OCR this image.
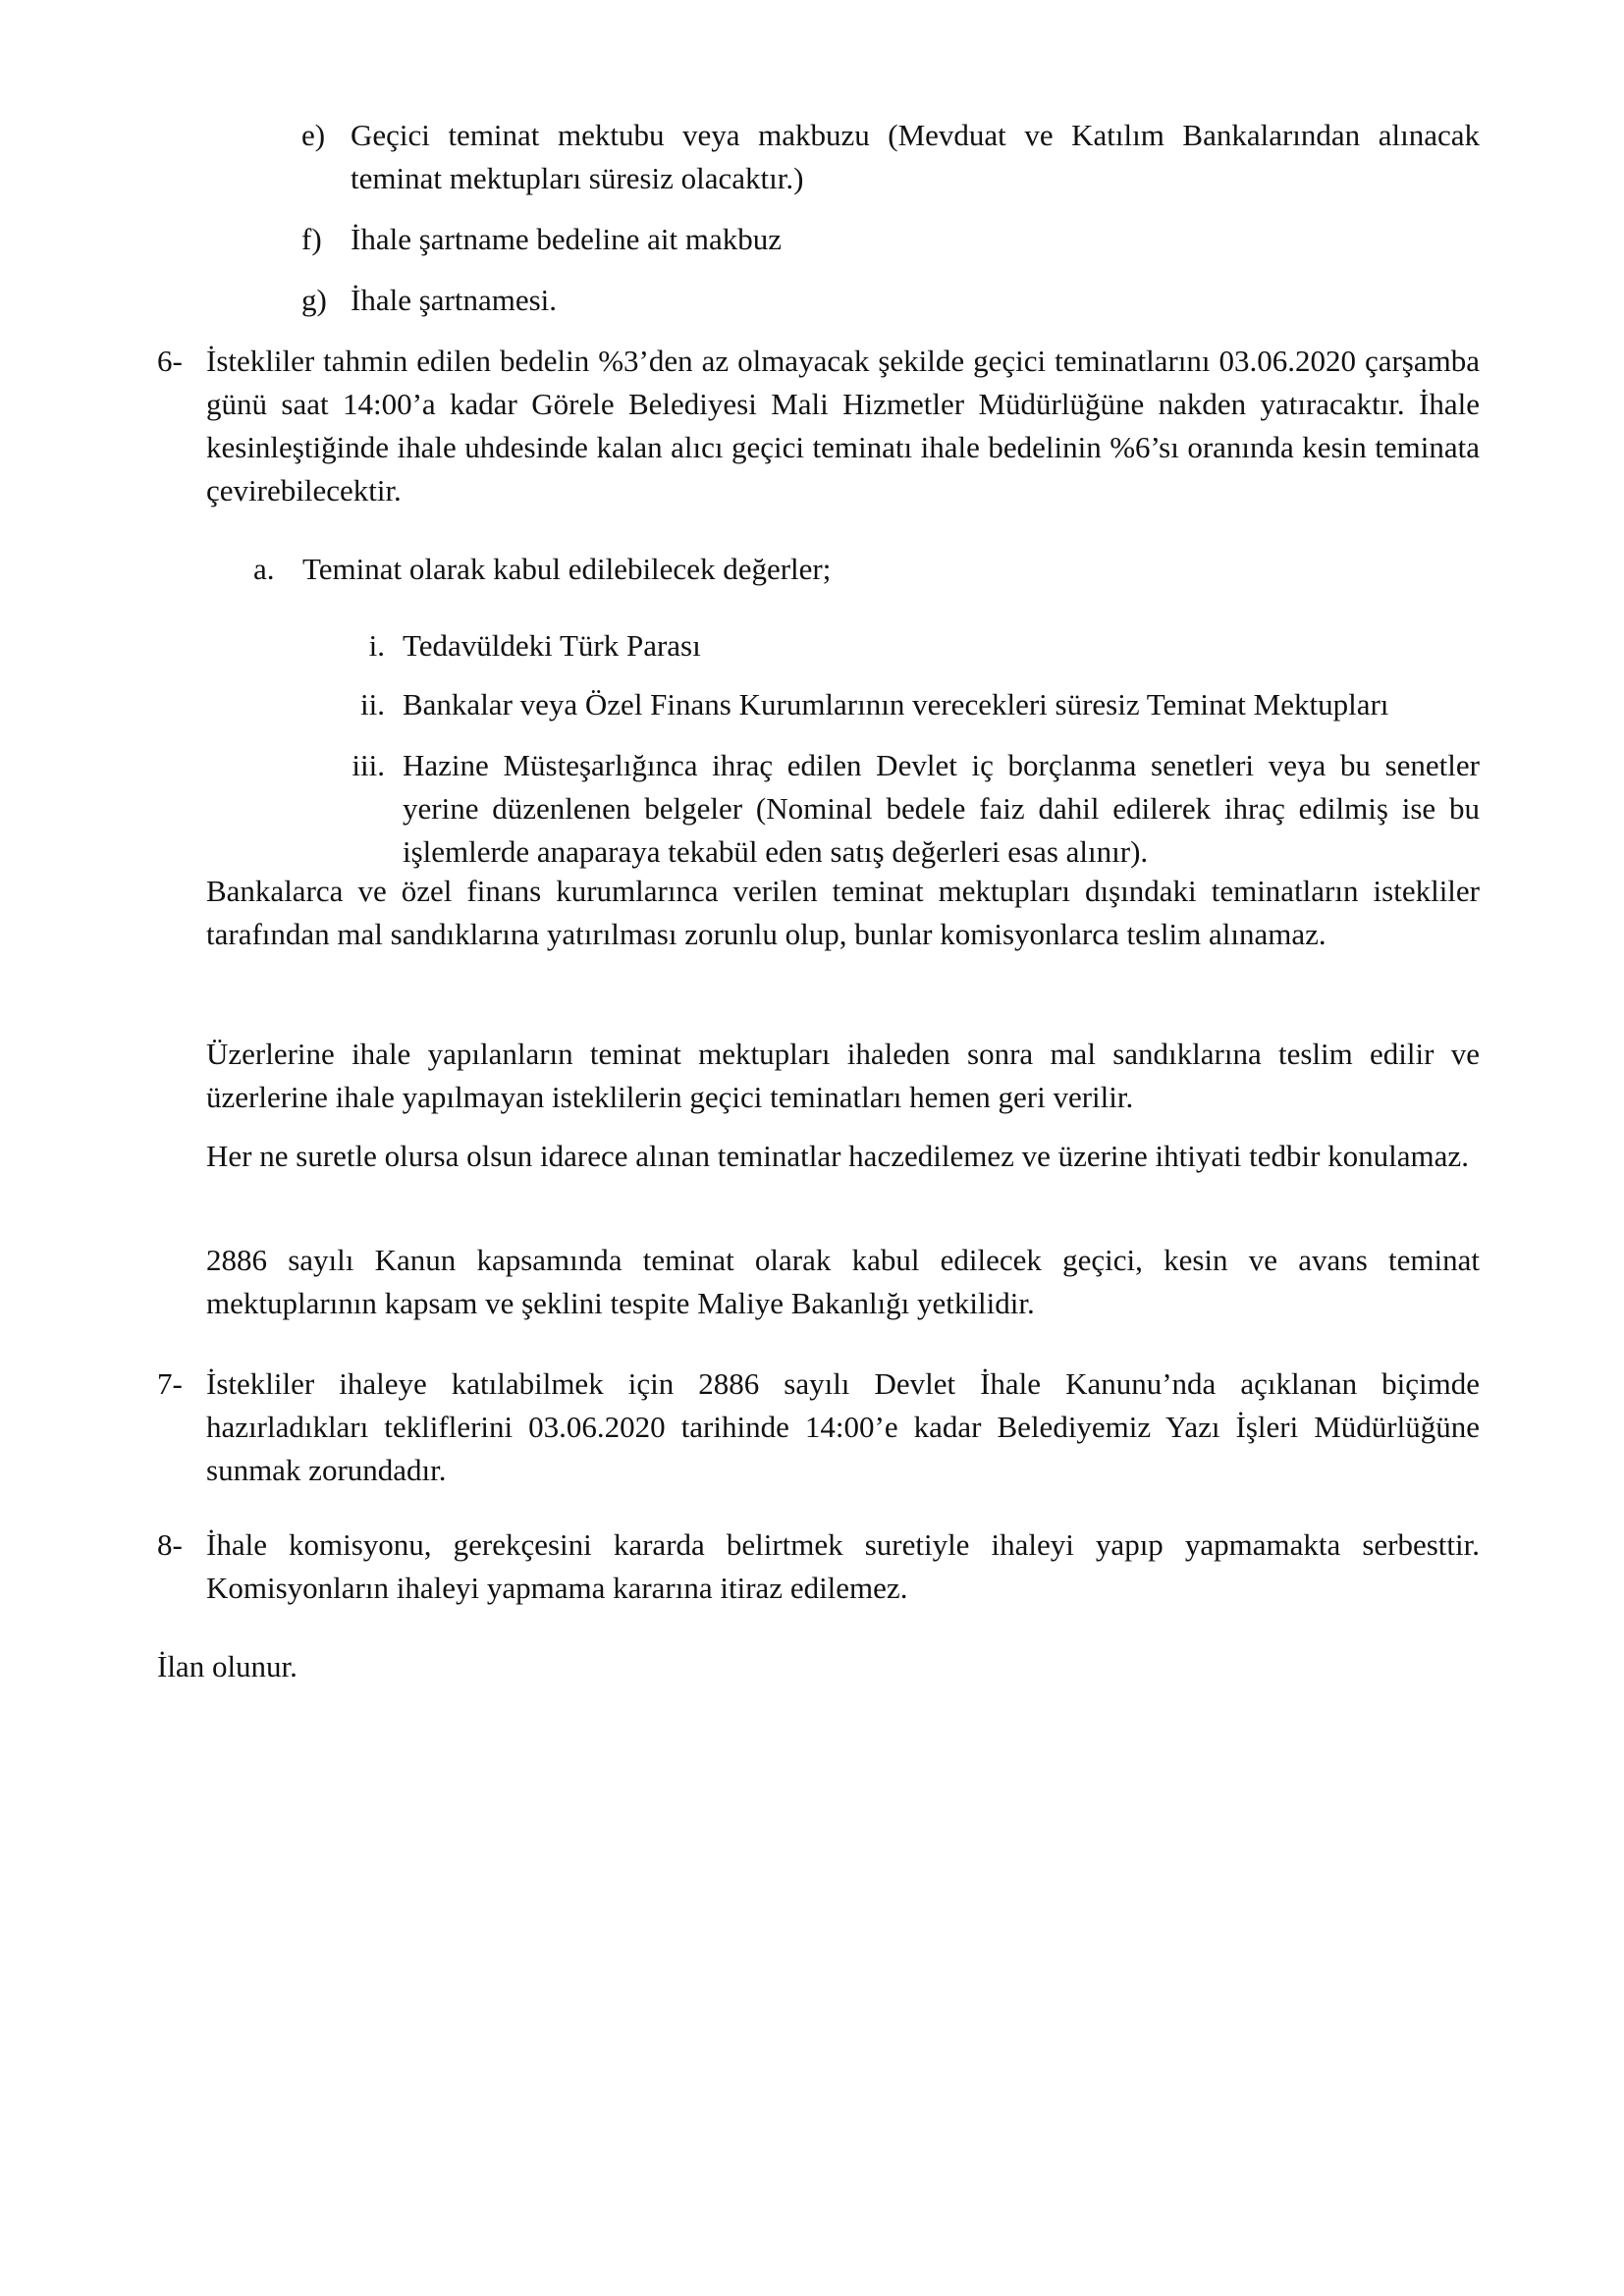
e) Geçici teminat mektubu veya makbuzu (Mevduat ve Katılım Bankalarından alınacak teminat mektupları süresiz olacaktır.)
f) İhale şartname bedeline ait makbuz
g) İhale şartnamesi.
6- İstekliler tahmin edilen bedelin %3’den az olmayacak şekilde geçici teminatlarını 03.06.2020 çarşamba günü saat 14:00’a kadar Görele Belediyesi Mali Hizmetler Müdürlüğüne nakden yatıracaktır. İhale kesinleştiğinde ihale uhdesinde kalan alıcı geçici teminatı ihale bedelinin %6’sı oranında kesin teminata çevirebilecektir.
a. Teminat olarak kabul edilebilecek değerler;
i. Tedavüldeki Türk Parası
ii. Bankalar veya Özel Finans Kurumlarının verecekleri süresiz Teminat Mektupları
iii. Hazine Müsteşarlığınca ihraç edilen Devlet iç borçlanma senetleri veya bu senetler yerine düzenlenen belgeler (Nominal bedele faiz dahil edilerek ihraç edilmiş ise bu işlemlerde anaparaya tekabül eden satış değerleri esas alınır).

Bankalarca ve özel finans kurumlarınca verilen teminat mektupları dışındaki teminatların istekliler tarafından mal sandıklarına yatırılması zorunlu olup, bunlar komisyonlarca teslim alınamaz.

Üzerlerine ihale yapılanların teminat mektupları ihaleden sonra mal sandıklarına teslim edilir ve üzerlerine ihale yapılmayan isteklilerin geçici teminatları hemen geri verilir.

Her ne suretle olursa olsun idarece alınan teminatlar haczedilemez ve üzerine ihtiyati tedbir konulamaz.

2886 sayılı Kanun kapsamında teminat olarak kabul edilecek geçici, kesin ve avans teminat mektuplarının kapsam ve şeklini tespite Maliye Bakanlığı yetkilidir.

7- İstekliler ihaleye katılabilmek için 2886 sayılı Devlet İhale Kanunu’nda açıklanan biçimde hazırladıkları tekliflerini 03.06.2020 tarihinde 14:00’e kadar Belediyemiz Yazı İşleri Müdürlüğüne sunmak zorundadır.
8- İhale komisyonu, gerekçesini kararda belirtmek suretiyle ihaleyi yapıp yapmamakta serbesttir. Komisyonların ihaleyi yapmama kararına itiraz edilemez.

İlan olunur.
